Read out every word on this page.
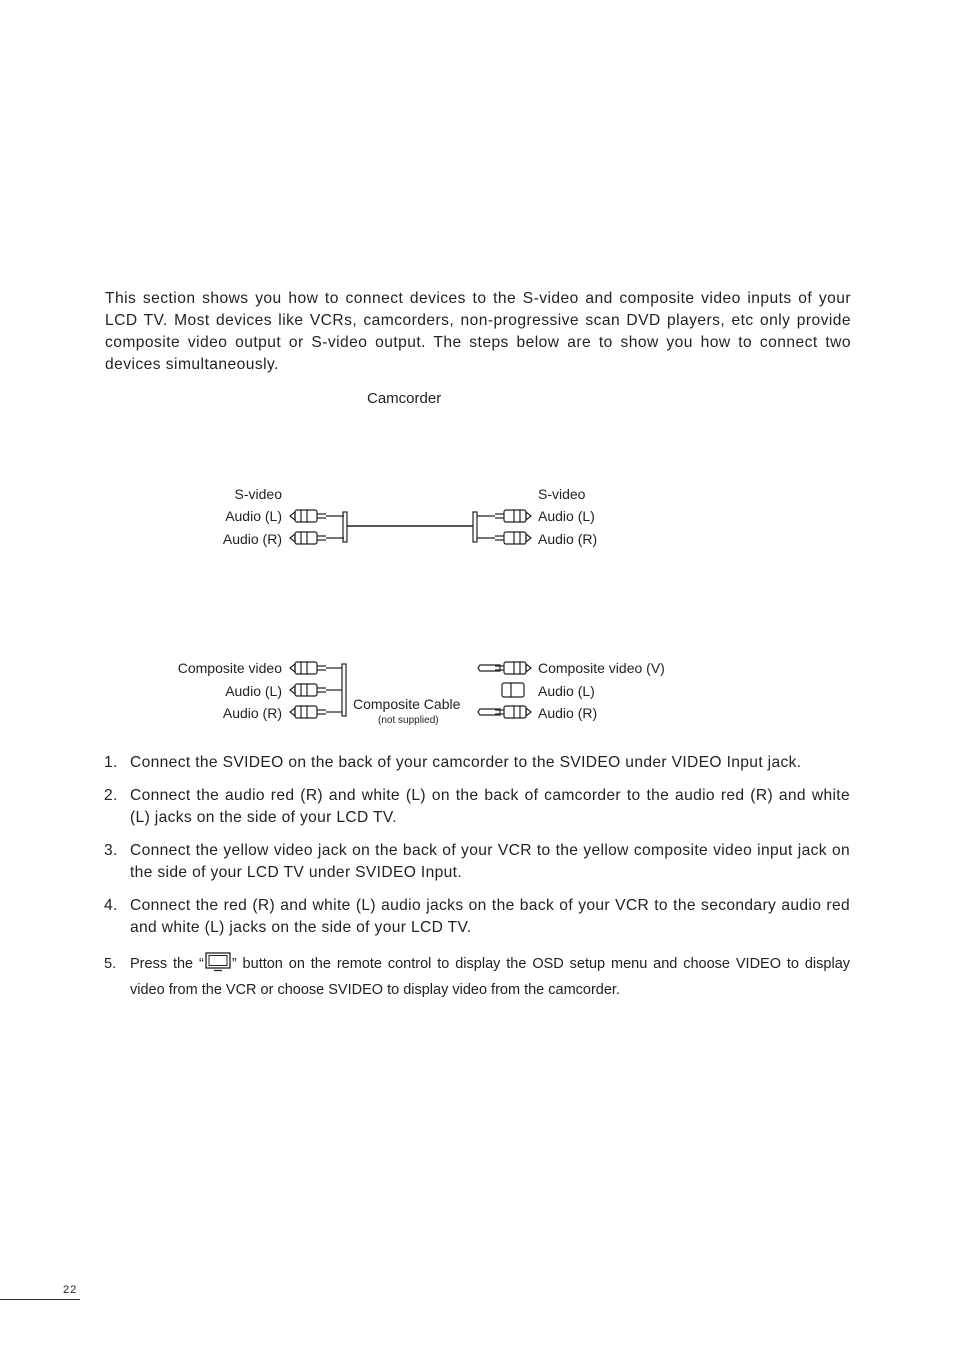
This section shows you how to connect devices to the S-video and composite video inputs of your LCD TV. Most devices like VCRs, camcorders, non-progressive scan DVD players, etc only provide composite video output or S-video output. The steps below are to show you how to connect two devices simultaneously.

Camcorder
S-video
Audio (L)
Audio (R)
S-video
Audio (L)
Audio (R)
Composite video
Audio (L)
Audio (R)
Composite video (V)
Audio (L)
Audio (R)
Composite Cable
(not supplied)
1. Connect the SVIDEO on the back of your camcorder to the SVIDEO under VIDEO Input jack.
2. Connect the audio red (R) and white (L) on the back of camcorder to the audio red (R) and white (L) jacks on the side of your LCD TV.
3. Connect the yellow video jack on the back of your VCR to the yellow composite video input jack on the side of your LCD TV under SVIDEO Input.
4. Connect the red (R) and white (L) audio jacks on the back of your VCR to the secondary audio red and white (L) jacks on the side of your LCD TV.
5. Press the “ ” button on the remote control to display the OSD setup menu and choose VIDEO to display video from the VCR or choose SVIDEO to display video from the camcorder.
22
